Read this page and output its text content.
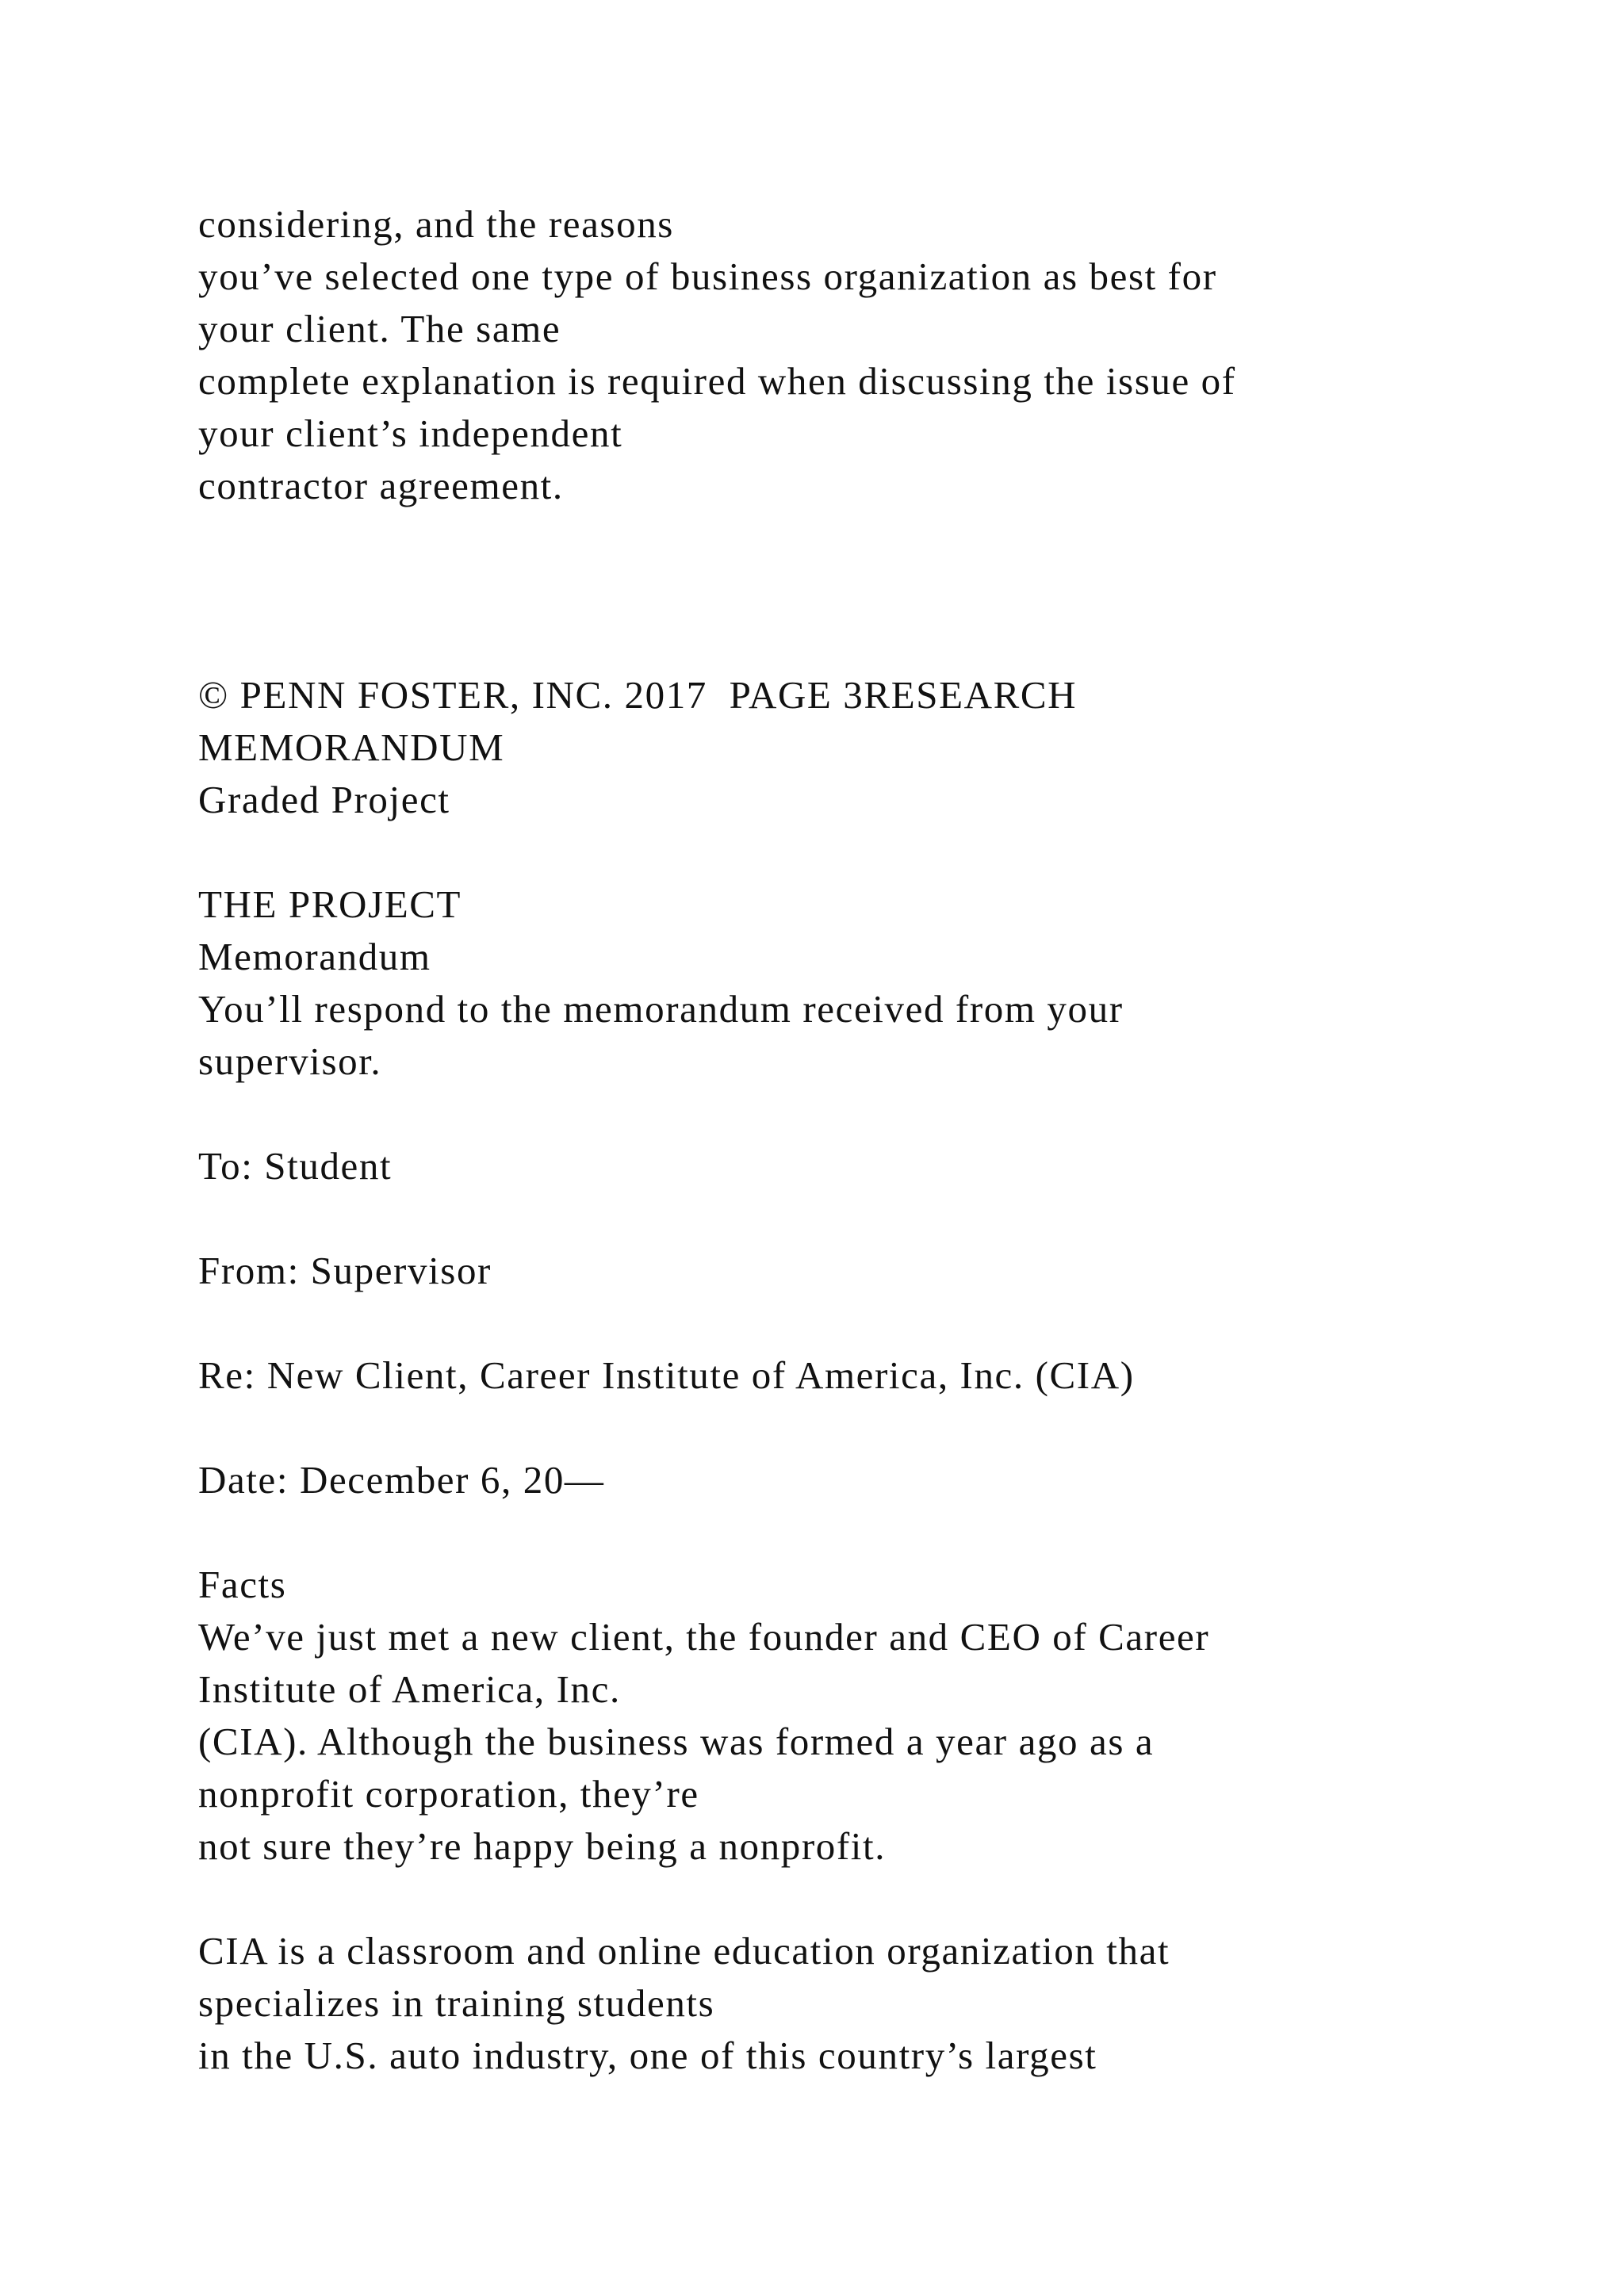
considering, and the reasons
you’ve selected one type of business organization as best for
your client. The same
complete explanation is required when discussing the issue of
your client’s independent
contractor agreement.
© PENN FOSTER, INC. 2017  PAGE 3RESEARCH
MEMORANDUM
Graded Project
THE PROJECT
Memorandum
You’ll respond to the memorandum received from your
supervisor.
To: Student
From: Supervisor
Re: New Client, Career Institute of America, Inc. (CIA)
Date: December 6, 20—
Facts
We’ve just met a new client, the founder and CEO of Career
Institute of America, Inc.
(CIA). Although the business was formed a year ago as a
nonprofit corporation, they’re
not sure they’re happy being a nonprofit.
CIA is a classroom and online education organization that
specializes in training students
in the U.S. auto industry, one of this country’s largest
